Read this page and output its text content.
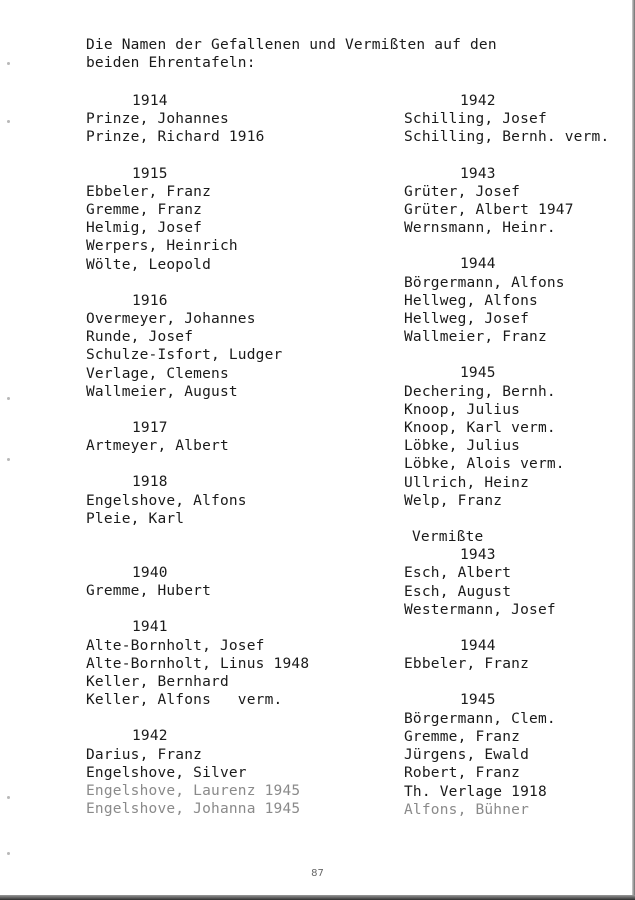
Die Namen der Gefallenen und Vermißten auf den
beiden Ehrentafeln:
1914
Prinze, Johannes
Prinze, Richard 1916
1915
Ebbeler, Franz
Gremme, Franz
Helmig, Josef
Werpers, Heinrich
Wölte, Leopold
1916
Overmeyer, Johannes
Runde, Josef
Schulze-Isfort, Ludger
Verlage, Clemens
Wallmeier, August
1917
Artmeyer, Albert
1918
Engelshove, Alfons
Pleie, Karl
1940
Gremme, Hubert
1941
Alte-Bornholt, Josef
Alte-Bornholt, Linus 1948
Keller, Bernhard
Keller, Alfons   verm.
1942
Darius, Franz
Engelshove, Silver
Engelshove, Laurenz 1945
Engelshove, Johanna 1945
1942
Schilling, Josef
Schilling, Bernh. verm.
1943
Grüter, Josef
Grüter, Albert 1947
Wernsmann, Heinr.
1944
Börgermann, Alfons
Hellweg, Alfons
Hellweg, Josef
Wallmeier, Franz
1945
Dechering, Bernh.
Knoop, Julius
Knoop, Karl verm.
Löbke, Julius
Löbke, Alois verm.
Ullrich, Heinz
Welp, Franz
Vermißte
1943
Esch, Albert
Esch, August
Westermann, Josef
1944
Ebbeler, Franz
1945
Börgermann, Clem.
Gremme, Franz
Jürgens, Ewald
Robert, Franz
Th. Verlage 1918
Alfons, Bühner
87
